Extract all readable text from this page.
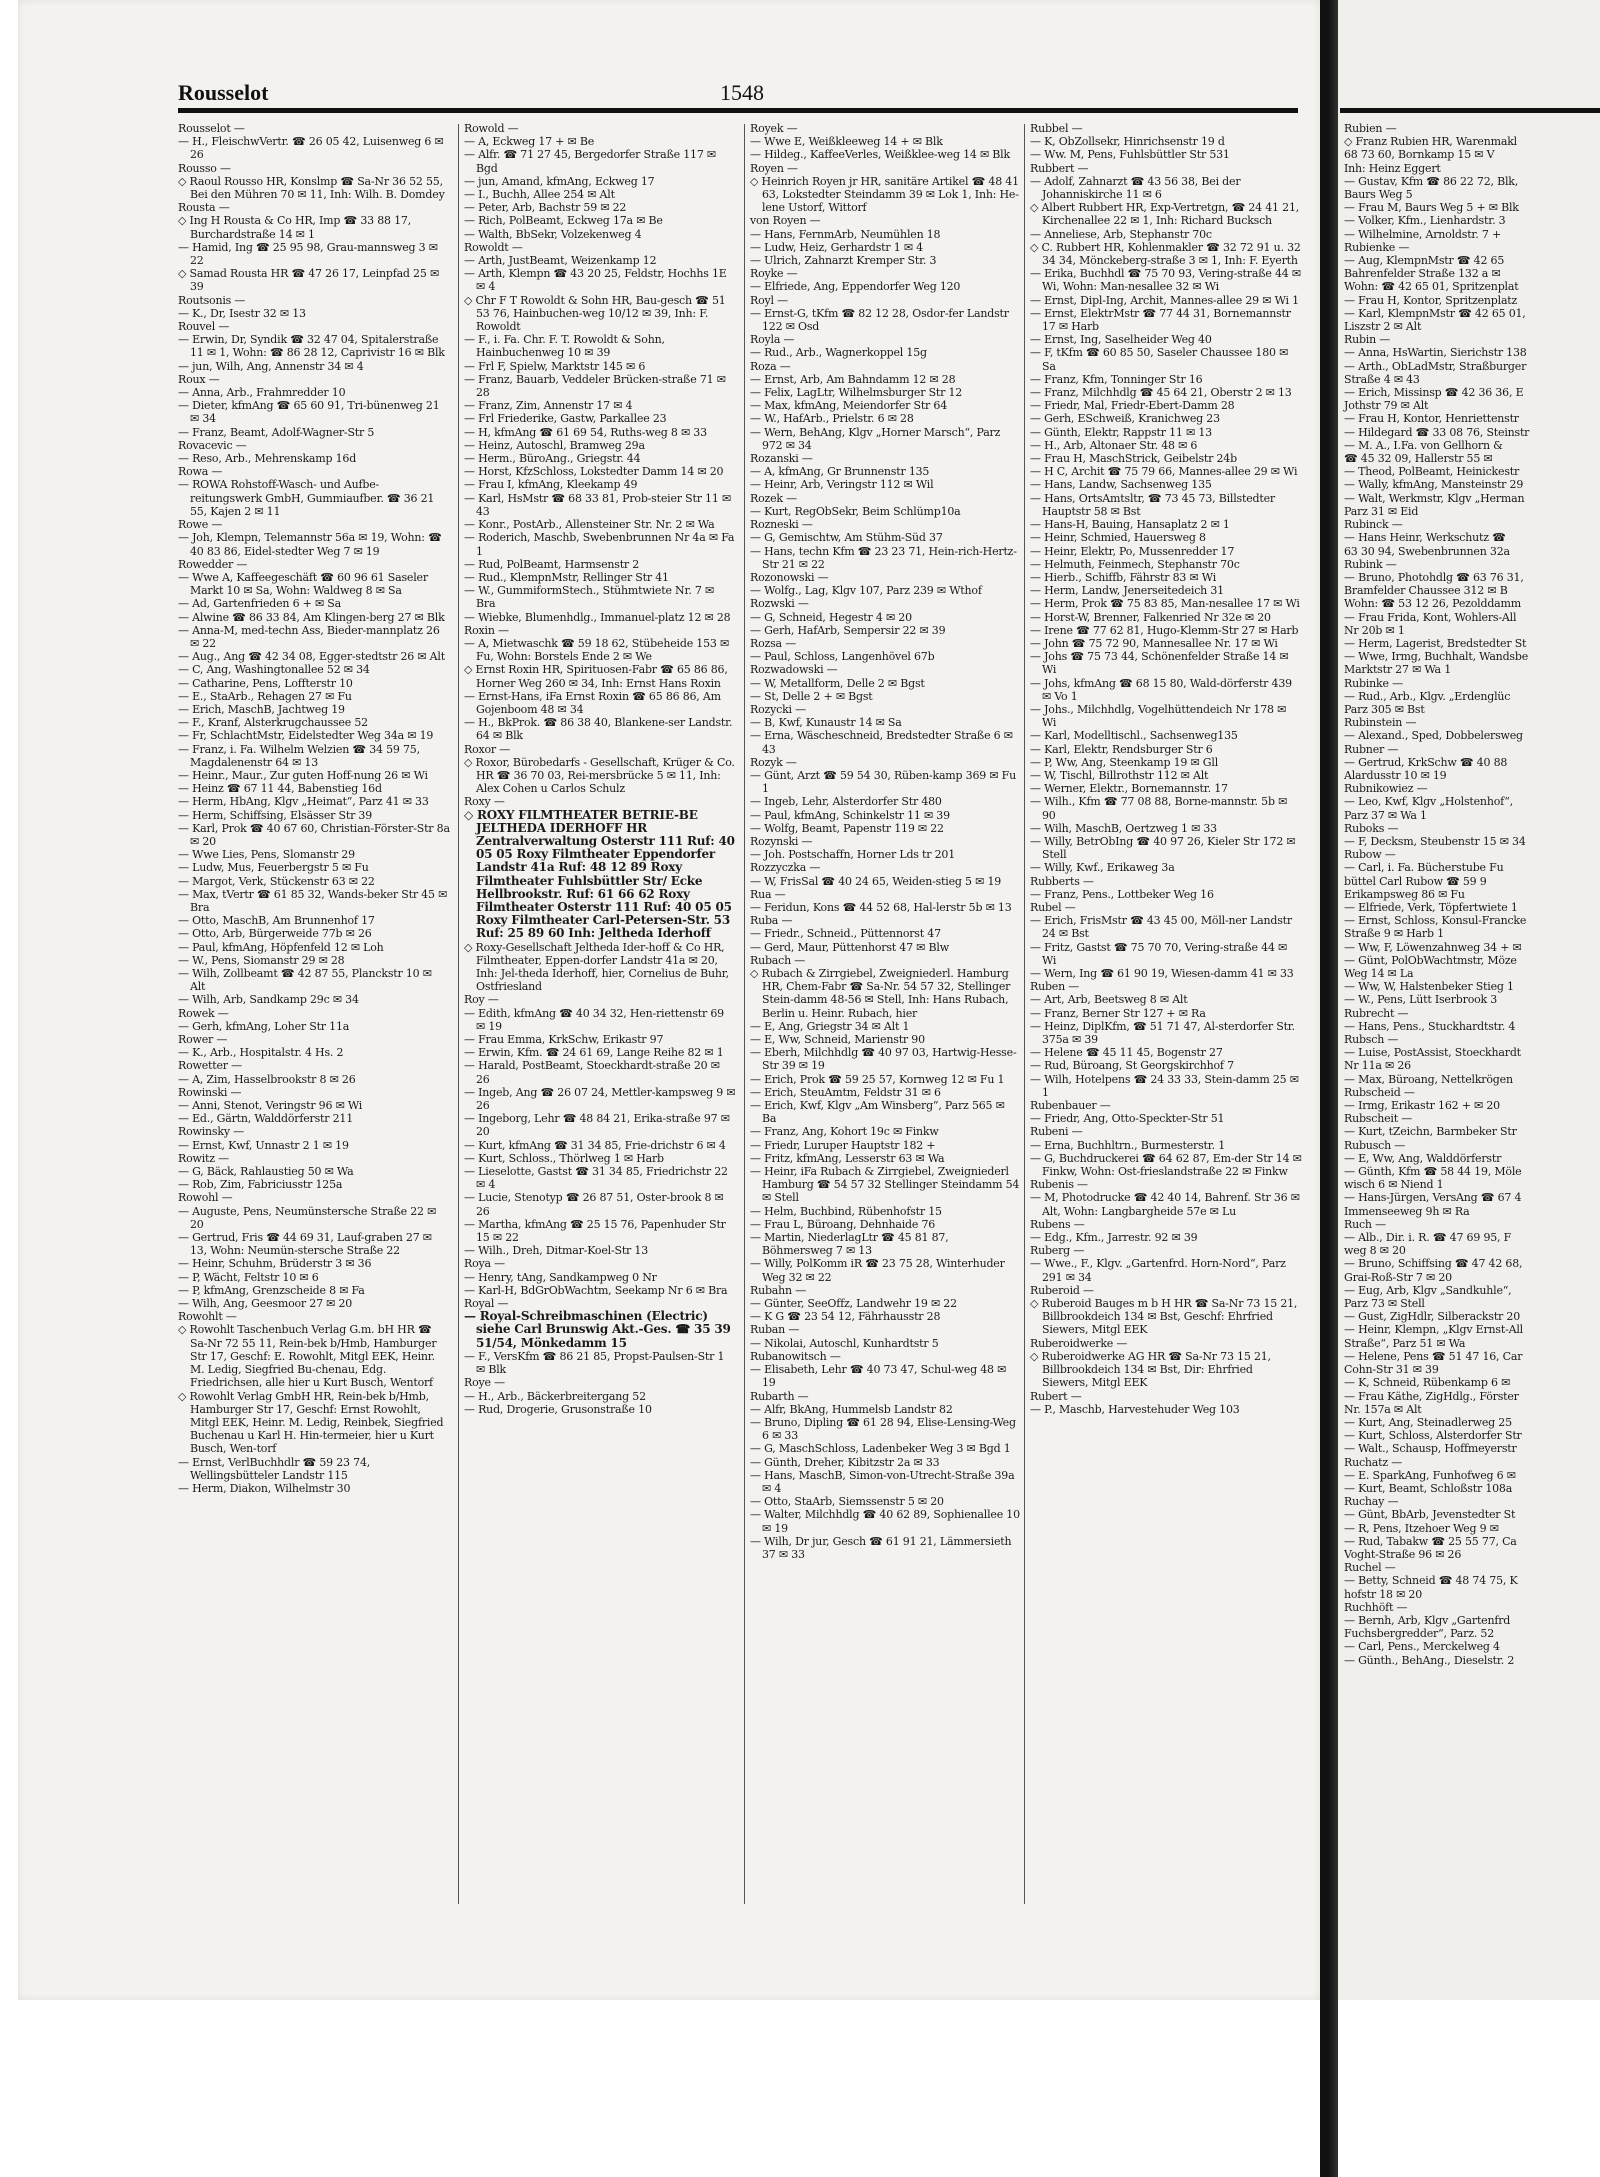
Rousselot	1548
Rousselot —
— H., FleischwVertr. ☎ 26 05 42, Luisenweg 6 ✉ 26
Rousso —
◇ Raoul Rousso HR, Konslmp ☎ Sa-Nr 36 52 55, Bei den Mühren 70 ✉ 11, Inh: Wilh. B. Domdey
Rousta —
◇ Ing H Rousta & Co HR, Imp ☎ 33 88 17, Burchardstraße 14 ✉ 1
— Hamid, Ing ☎ 25 95 98, Grau-mannsweg 3 ✉ 22
◇ Samad Rousta HR ☎ 47 26 17, Leinpfad 25 ✉ 39
Routsonis —
— K., Dr, Isestr 32 ✉ 13
Rouvel —
— Erwin, Dr, Syndik ☎ 32 47 04, Spitalerstraße 11 ✉ 1, Wohn: ☎ 86 28 12, Caprivistr 16 ✉ Blk
— jun, Wilh, Ang, Annenstr 34 ✉ 4
Roux —
— Anna, Arb., Frahmredder 10
— Dieter, kfmAng ☎ 65 60 91, Tri-bünenweg 21 ✉ 34
— Franz, Beamt, Adolf-Wagner-Str 5
Rovacevic —
— Reso, Arb., Mehrenskamp 16d
Rowa —
— ROWA Rohstoff-Wasch- und Aufbe-reitungswerk GmbH, Gummiaufber. ☎ 36 21 55, Kajen 2 ✉ 11
Rowe —
— Joh, Klempn, Telemannstr 56a ✉ 19, Wohn: ☎ 40 83 86, Eidel-stedter Weg 7 ✉ 19
Rowedder —
— Wwe A, Kaffeegeschäft ☎ 60 96 61 Saseler Markt 10 ✉ Sa, Wohn: Waldweg 8 ✉ Sa
— Ad, Gartenfrieden 6 + ✉ Sa
— Alwine ☎ 86 33 84, Am Klingen-berg 27 ✉ Blk
— Anna-M, med-techn Ass, Bieder-mannplatz 26 ✉ 22
— Aug., Ang ☎ 42 34 08, Egger-stedtstr 26 ✉ Alt
— C, Ang, Washingtonallee 52 ✉ 34
— Catharine, Pens, Loffterstr 10
— E., StaArb., Rehagen 27 ✉ Fu
— Erich, MaschB, Jachtweg 19
— F., Kranf, Alsterkrugchaussee 52
— Fr, SchlachtMstr, Eidelstedter Weg 34a ✉ 19
— Franz, i. Fa. Wilhelm Welzien ☎ 34 59 75, Magdalenenstr 64 ✉ 13
— Heinr., Maur., Zur guten Hoff-nung 26 ✉ Wi
— Heinz ☎ 67 11 44, Babenstieg 16d
— Herm, HbAng, Klgv „Heimat“, Parz 41 ✉ 33
— Herm, Schiffsing, Elsässer Str 39
— Karl, Prok ☎ 40 67 60, Christian-Förster-Str 8a ✉ 20
— Wwe Lies, Pens, Slomanstr 29
— Ludw, Mus, Feuerbergstr 5 ✉ Fu
— Margot, Verk, Stückenstr 63 ✉ 22
— Max, tVertr ☎ 61 85 32, Wands-beker Str 45 ✉ Bra
— Otto, MaschB, Am Brunnenhof 17
— Otto, Arb, Bürgerweide 77b ✉ 26
— Paul, kfmAng, Höpfenfeld 12 ✉ Loh
— W., Pens, Siomanstr 29 ✉ 28
— Wilh, Zollbeamt ☎ 42 87 55, Planckstr 10 ✉ Alt
— Wilh, Arb, Sandkamp 29c ✉ 34
Rowek —
— Gerh, kfmAng, Loher Str 11a
Rower —
— K., Arb., Hospitalstr. 4 Hs. 2
Rowetter —
— A, Zim, Hasselbrookstr 8 ✉ 26
Rowinski —
— Anni, Stenot, Veringstr 96 ✉ Wi
— Ed., Gärtn, Walddörferstr 211
Rowinsky —
— Ernst, Kwf, Unnastr 2 1 ✉ 19
Rowitz —
— G, Bäck, Rahlaustieg 50 ✉ Wa
— Rob, Zim, Fabriciusstr 125a
Rowohl —
— Auguste, Pens, Neumünstersche Straße 22 ✉ 20
— Gertrud, Fris ☎ 44 69 31, Lauf-graben 27 ✉ 13, Wohn: Neumün-stersche Straße 22
— Heinr, Schuhm, Brüderstr 3 ✉ 36
— P, Wächt, Feltstr 10 ✉ 6
— P, kfmAng, Grenzscheide 8 ✉ Fa
— Wilh, Ang, Geesmoor 27 ✉ 20
Rowohlt —
◇ Rowohlt Taschenbuch Verlag G.m. bH HR ☎ Sa-Nr 72 55 11, Rein-bek b/Hmb, Hamburger Str 17, Geschf: E. Rowohlt, Mitgl EEK, Heinr. M. Ledig, Siegfried Bu-chenau, Edg. Friedrichsen, alle hier u Kurt Busch, Wentorf
◇ Rowohlt Verlag GmbH HR, Rein-bek b/Hmb, Hamburger Str 17, Geschf: Ernst Rowohlt, Mitgl EEK, Heinr. M. Ledig, Reinbek, Siegfried Buchenau u Karl H. Hin-termeier, hier u Kurt Busch, Wen-torf
— Ernst, VerlBuchhdlr ☎ 59 23 74, Wellingsbütteler Landstr 115
— Herm, Diakon, Wilhelmstr 30
Rowold —
— A, Eckweg 17 + ✉ Be
— Alfr. ☎ 71 27 45, Bergedorfer Straße 117 ✉ Bgd
— jun, Amand, kfmAng, Eckweg 17
— I., Buchh, Allee 254 ✉ Alt
— Peter, Arb, Bachstr 59 ✉ 22
— Rich, PolBeamt, Eckweg 17a ✉ Be
— Walth, BbSekr, Volzekenweg 4
Rowoldt —
— Arth, JustBeamt, Weizenkamp 12
— Arth, Klempn ☎ 43 20 25, Feldstr, Hochhs 1E ✉ 4
◇ Chr F T Rowoldt & Sohn HR, Bau-gesch ☎ 51 53 76, Hainbuchen-weg 10/12 ✉ 39, Inh: F. Rowoldt
— F., i. Fa. Chr. F. T. Rowoldt & Sohn, Hainbuchenweg 10 ✉ 39
— Frl F, Spielw, Marktstr 145 ✉ 6
— Franz, Bauarb, Veddeler Brücken-straße 71 ✉ 28
— Franz, Zim, Annenstr 17 ✉ 4
— Frl Friederike, Gastw, Parkallee 23
— H, kfmAng ☎ 61 69 54, Ruths-weg 8 ✉ 33
— Heinz, Autoschl, Bramweg 29a
— Herm., BüroAng., Griegstr. 44
— Horst, KfzSchloss, Lokstedter Damm 14 ✉ 20
— Frau I, kfmAng, Kleekamp 49
— Karl, HsMstr ☎ 68 33 81, Prob-steier Str 11 ✉ 43
— Konr., PostArb., Allensteiner Str. Nr. 2 ✉ Wa
— Roderich, Maschb, Swebenbrunnen Nr 4a ✉ Fa 1
— Rud, PolBeamt, Harmsenstr 2
— Rud., KlempnMstr, Rellinger Str 41
— W., GummiformStech., Stühmtwiete Nr. 7 ✉ Bra
— Wiebke, Blumenhdlg., Immanuel-platz 12 ✉ 28
Roxin —
— A, Mietwaschk ☎ 59 18 62, Stübeheide 153 ✉ Fu, Wohn: Borstels Ende 2 ✉ We
◇ Ernst Roxin HR, Spirituosen-Fabr ☎ 65 86 86, Horner Weg 260 ✉ 34, Inh: Ernst Hans Roxin
— Ernst-Hans, iFa Ernst Roxin ☎ 65 86 86, Am Gojenboom 48 ✉ 34
— H., BkProk. ☎ 86 38 40, Blankene-ser Landstr. 64 ✉ Blk
Roxor —
◇ Roxor, Bürobedarfs - Gesellschaft, Krüger & Co. HR ☎ 36 70 03, Rei-mersbrücke 5 ✉ 11, Inh: Alex Cohen u Carlos Schulz
Roxy —
◇ ROXY FILMTHEATER BETRIE-BE JELTHEDA IDERHOFF HR Zentralverwaltung Osterstr 111 Ruf: 40 05 05 Roxy Filmtheater Eppendorfer Landstr 41a Ruf: 48 12 89 Roxy Filmtheater Fuhlsbüttler Str/ Ecke Hellbrookstr. Ruf: 61 66 62 Roxy Filmtheater Osterstr 111 Ruf: 40 05 05 Roxy Filmtheater Carl-Petersen-Str. 53 Ruf: 25 89 60 Inh: Jeltheda Iderhoff
◇ Roxy-Gesellschaft Jeltheda Ider-hoff & Co HR, Filmtheater, Eppen-dorfer Landstr 41a ✉ 20, Inh: Jel-theda Iderhoff, hier, Cornelius de Buhr, Ostfriesland
Roy —
— Edith, kfmAng ☎ 40 34 32, Hen-riettenstr 69 ✉ 19
— Frau Emma, KrkSchw, Erikastr 97
— Erwin, Kfm. ☎ 24 61 69, Lange Reihe 82 ✉ 1
— Harald, PostBeamt, Stoeckhardt-straße 20 ✉ 26
— Ingeb, Ang ☎ 26 07 24, Mettler-kampsweg 9 ✉ 26
— Ingeborg, Lehr ☎ 48 84 21, Erika-straße 97 ✉ 20
— Kurt, kfmAng ☎ 31 34 85, Frie-drichstr 6 ✉ 4
— Kurt, Schloss., Thörlweg 1 ✉ Harb
— Lieselotte, Gastst ☎ 31 34 85, Friedrichstr 22 ✉ 4
— Lucie, Stenotyp ☎ 26 87 51, Oster-brook 8 ✉ 26
— Martha, kfmAng ☎ 25 15 76, Papenhuder Str 15 ✉ 22
— Wilh., Dreh, Ditmar-Koel-Str 13
Roya —
— Henry, tAng, Sandkampweg 0 Nr
— Karl-H, BdGrObWachtm, Seekamp Nr 6 ✉ Bra
Royal —
— Royal-Schreibmaschinen (Electric) siehe Carl Brunswig Akt.-Ges. ☎ 35 39 51/54, Mönkedamm 15
— F., VersKfm ☎ 86 21 85, Propst-Paulsen-Str 1 ✉ Blk
Roye —
— H., Arb., Bäckerbreitergang 52
— Rud, Drogerie, Grusonstraße 10
Royek —
— Wwe E, Weißkleeweg 14 + ✉ Blk
— Hildeg., KaffeeVerles, Weißklee-weg 14 ✉ Blk
Royen —
◇ Heinrich Royen jr HR, sanitäre Artikel ☎ 48 41 63, Lokstedter Steindamm 39 ✉ Lok 1, Inh: He-lene Ustorf, Wittorf
von Royen —
— Hans, FernmArb, Neumühlen 18
— Ludw, Heiz, Gerhardstr 1 ✉ 4
— Ulrich, Zahnarzt Kremper Str. 3
Royke —
— Elfriede, Ang, Eppendorfer Weg 120
Royl —
— Ernst-G, tKfm ☎ 82 12 28, Osdor-fer Landstr 122 ✉ Osd
Royla —
— Rud., Arb., Wagnerkoppel 15g
Roza —
— Ernst, Arb, Am Bahndamm 12 ✉ 28
— Felix, LagLtr, Wilhelmsburger Str 12
— Max, kfmAng, Meiendorfer Str 64
— W., HafArb., Prielstr. 6 ✉ 28
— Wern, BehAng, Klgv „Horner Marsch“, Parz 972 ✉ 34
Rozanski —
— A, kfmAng, Gr Brunnenstr 135
— Heinr, Arb, Veringstr 112 ✉ Wil
Rozek —
— Kurt, RegObSekr, Beim Schlümp10a
Rozneski —
— G, Gemischtw, Am Stühm-Süd 37
— Hans, techn Kfm ☎ 23 23 71, Hein-rich-Hertz-Str 21 ✉ 22
Rozonowski —
— Wolfg., Lag, Klgv 107, Parz 239 ✉ Wthof
Rozwski —
— G, Schneid, Hegestr 4 ✉ 20
— Gerh, HafArb, Sempersir 22 ✉ 39
Rozsa —
— Paul, Schloss, Langenhövel 67b
Rozwadowski —
— W, Metallform, Delle 2 ✉ Bgst
— St, Delle 2 + ✉ Bgst
Rozycki —
— B, Kwf, Kunaustr 14 ✉ Sa
— Erna, Wäscheschneid, Bredstedter Straße 6 ✉ 43
Rozyk —
— Günt, Arzt ☎ 59 54 30, Rüben-kamp 369 ✉ Fu 1
— Ingeb, Lehr, Alsterdorfer Str 480
— Paul, kfmAng, Schinkelstr 11 ✉ 39
— Wolfg, Beamt, Papenstr 119 ✉ 22
Rozynski —
— Joh. Postschaffn, Horner Lds tr 201
Rozzyczka —
— W, FrisSal ☎ 40 24 65, Weiden-stieg 5 ✉ 19
Rua —
— Feridun, Kons ☎ 44 52 68, Hal-lerstr 5b ✉ 13
Ruba —
— Friedr., Schneid., Püttennorst 47
— Gerd, Maur, Püttenhorst 47 ✉ Blw
Rubach —
◇ Rubach & Zirrgiebel, Zweigniederl. Hamburg HR, Chem-Fabr ☎ Sa-Nr. 54 57 32, Stellinger Stein-damm 48-56 ✉ Stell, Inh: Hans Rubach, Berlin u. Heinr. Rubach, hier
— E, Ang, Griegstr 34 ✉ Alt 1
— E, Ww, Schneid, Marienstr 90
— Eberh, Milchhdlg ☎ 40 97 03, Hartwig-Hesse-Str 39 ✉ 19
— Erich, Prok ☎ 59 25 57, Kornweg 12 ✉ Fu 1
— Erich, SteuAmtm, Feldstr 31 ✉ 6
— Erich, Kwf, Klgv „Am Winsberg“, Parz 565 ✉ Ba
— Franz, Ang, Kohort 19c ✉ Finkw
— Friedr, Luruper Hauptstr 182 +
— Fritz, kfmAng, Lesserstr 63 ✉ Wa
— Heinr, iFa Rubach & Zirrgiebel, Zweigniederl Hamburg ☎ 54 57 32 Stellinger Steindamm 54 ✉ Stell
— Helm, Buchbind, Rübenhofstr 15
— Frau L, Büroang, Dehnhaide 76
— Martin, NiederlagLtr ☎ 45 81 87, Böhmersweg 7 ✉ 13
— Willy, PolKomm iR ☎ 23 75 28, Winterhuder Weg 32 ✉ 22
Rubahn —
— Günter, SeeOffz, Landwehr 19 ✉ 22
— K G ☎ 23 54 12, Fährhausstr 28
Ruban —
— Nikolai, Autoschl, Kunhardtstr 5
Rubanowitsch —
— Elisabeth, Lehr ☎ 40 73 47, Schul-weg 48 ✉ 19
Rubarth —
— Alfr, BkAng, Hummelsb Landstr 82
— Bruno, Dipling ☎ 61 28 94, Elise-Lensing-Weg 6 ✉ 33
— G, MaschSchloss, Ladenbeker Weg 3 ✉ Bgd 1
— Günth, Dreher, Kibitzstr 2a ✉ 33
— Hans, MaschB, Simon-von-Utrecht-Straße 39a ✉ 4
— Otto, StaArb, Siemssenstr 5 ✉ 20
— Walter, Milchhdlg ☎ 40 62 89, Sophienallee 10 ✉ 19
— Wilh, Dr jur, Gesch ☎ 61 91 21, Lämmersieth 37 ✉ 33
Rubbel —
— K, ObZollsekr, Hinrichsenstr 19 d
— Ww. M, Pens, Fuhlsbüttler Str 531
Rubbert —
— Adolf, Zahnarzt ☎ 43 56 38, Bei der Johanniskirche 11 ✉ 6
◇ Albert Rubbert HR, Exp-Vertretgn, ☎ 24 41 21, Kirchenallee 22 ✉ 1, Inh: Richard Bucksch
— Anneliese, Arb, Stephanstr 70c
◇ C. Rubbert HR, Kohlenmakler ☎ 32 72 91 u. 32 34 34, Mönckeberg-straße 3 ✉ 1, Inh: F. Eyerth
— Erika, Buchhdl ☎ 75 70 93, Vering-straße 44 ✉ Wi, Wohn: Man-nesallee 32 ✉ Wi
— Ernst, Dipl-Ing, Archit, Mannes-allee 29 ✉ Wi 1
— Ernst, ElektrMstr ☎ 77 44 31, Bornemannstr 17 ✉ Harb
— Ernst, Ing, Saselheider Weg 40
— F, tKfm ☎ 60 85 50, Saseler Chaussee 180 ✉ Sa
— Franz, Kfm, Tonninger Str 16
— Franz, Milchhdlg ☎ 45 64 21, Oberstr 2 ✉ 13
— Friedr, Mal, Friedr-Ebert-Damm 28
— Gerh, ESchweiß, Kranichweg 23
— Günth, Elektr, Rappstr 11 ✉ 13
— H., Arb, Altonaer Str. 48 ✉ 6
— Frau H, MaschStrick, Geibelstr 24b
— H C, Archit ☎ 75 79 66, Mannes-allee 29 ✉ Wi
— Hans, Landw, Sachsenweg 135
— Hans, OrtsAmtsltr, ☎ 73 45 73, Billstedter Hauptstr 58 ✉ Bst
— Hans-H, Bauing, Hansaplatz 2 ✉ 1
— Heinr, Schmied, Hauersweg 8
— Heinr, Elektr, Po, Mussenredder 17
— Helmuth, Feinmech, Stephanstr 70c
— Hierb., Schiffb, Fährstr 83 ✉ Wi
— Herm, Landw, Jenerseitedeich 31
— Herm, Prok ☎ 75 83 85, Man-nesallee 17 ✉ Wi
— Horst-W, Brenner, Falkenried Nr 32e ✉ 20
— Irene ☎ 77 62 81, Hugo-Klemm-Str 27 ✉ Harb
— John ☎ 75 72 90, Mannesallee Nr. 17 ✉ Wi
— Johs ☎ 75 73 44, Schönenfelder Straße 14 ✉ Wi
— Johs, kfmAng ☎ 68 15 80, Wald-dörferstr 439 ✉ Vo 1
— Johs., Milchhdlg, Vogelhüttendeich Nr 178 ✉ Wi
— Karl, Modelltischl., Sachsenweg135
— Karl, Elektr, Rendsburger Str 6
— P, Ww, Ang, Steenkamp 19 ✉ Gll
— W, Tischl, Billrothstr 112 ✉ Alt
— Werner, Elektr., Bornemannstr. 17
— Wilh., Kfm ☎ 77 08 88, Borne-mannstr. 5b ✉ 90
— Wilh, MaschB, Oertzweg 1 ✉ 33
— Willy, BetrObIng ☎ 40 97 26, Kieler Str 172 ✉ Stell
— Willy, Kwf., Erikaweg 3a
Rubberts —
— Franz, Pens., Lottbeker Weg 16
Rubel —
— Erich, FrisMstr ☎ 43 45 00, Möll-ner Landstr 24 ✉ Bst
— Fritz, Gastst ☎ 75 70 70, Vering-straße 44 ✉ Wi
— Wern, Ing ☎ 61 90 19, Wiesen-damm 41 ✉ 33
Ruben —
— Art, Arb, Beetsweg 8 ✉ Alt
— Franz, Berner Str 127 + ✉ Ra
— Heinz, DiplKfm, ☎ 51 71 47, Al-sterdorfer Str. 375a ✉ 39
— Helene ☎ 45 11 45, Bogenstr 27
— Rud, Büroang, St Georgskirchhof 7
— Wilh, Hotelpens ☎ 24 33 33, Stein-damm 25 ✉ 1
Rubenbauer —
— Friedr, Ang, Otto-Speckter-Str 51
Rubeni —
— Erna, Buchhltrn., Burmesterstr. 1
— G, Buchdruckerei ☎ 64 62 87, Em-der Str 14 ✉ Finkw, Wohn: Ost-frieslandstraße 22 ✉ Finkw
Rubenis —
— M, Photodrucke ☎ 42 40 14, Bahrenf. Str 36 ✉ Alt, Wohn: Langbargheide 57e ✉ Lu
Rubens —
— Edg., Kfm., Jarrestr. 92 ✉ 39
Ruberg —
— Wwe., F., Klgv. „Gartenfrd. Horn-Nord“, Parz 291 ✉ 34
Ruberoid —
◇ Ruberoid Bauges m b H HR ☎ Sa-Nr 73 15 21, Billbrookdeich 134 ✉ Bst, Geschf: Ehrfried Siewers, Mitgl EEK
Ruberoidwerke —
◇ Ruberoidwerke AG HR ☎ Sa-Nr 73 15 21, Billbrookdeich 134 ✉ Bst, Dir: Ehrfried Siewers, Mitgl EEK
Rubert —
— P., Maschb, Harvestehuder Weg 103
Rubien —
◇ Franz Rubien HR, Warenmakl
68 73 60, Bornkamp 15 ✉ V
Inh: Heinz Eggert
— Gustav, Kfm ☎ 86 22 72, Blk,
Baurs Weg 5
— Frau M, Baurs Weg 5 + ✉ Blk
— Volker, Kfm., Lienhardstr. 3
— Wilhelmine, Arnoldstr. 7 +
Rubienke —
— Aug, KlempnMstr ☎ 42 65
Bahrenfelder Straße 132 a ✉
Wohn: ☎ 42 65 01, Spritzenplat
— Frau H, Kontor, Spritzenplatz
— Karl, KlempnMstr ☎ 42 65 01,
Liszstr 2 ✉ Alt
Rubin —
— Anna, HsWartin, Sierichstr 138
— Arth., ObLadMstr, Straßburger
Straße 4 ✉ 43
— Erich, Missinsp ☎ 42 36 36, E
Jothstr 79 ✉ Alt
— Frau H, Kontor, Henriettenstr
— Hildegard ☎ 33 08 76, Steinstr
— M. A., I.Fa. von Gellhorn &
☎ 45 32 09, Hallerstr 55 ✉
— Theod, PolBeamt, Heinickestr
— Wally, kfmAng, Mansteinstr 29
— Walt, Werkmstr, Klgv „Herman
Parz 31 ✉ Eid
Rubinck —
— Hans Heinr, Werkschutz ☎
63 30 94, Swebenbrunnen 32a
Rubink —
— Bruno, Photohdlg ☎ 63 76 31,
Bramfelder Chaussee 312 ✉ B
Wohn: ☎ 53 12 26, Pezolddamm
— Frau Frida, Kont, Wohlers-All
Nr 20b ✉ 1
— Herm, Lagerist, Bredstedter St
— Wwe, Irmg, Buchhalt, Wandsbe
Marktstr 27 ✉ Wa 1
Rubinke —
— Rud., Arb., Klgv. „Erdenglüc
Parz 305 ✉ Bst
Rubinstein —
— Alexand., Sped, Dobbelersweg
Rubner —
— Gertrud, KrkSchw ☎ 40 88
Alardusstr 10 ✉ 19
Rubnikowiez —
— Leo, Kwf, Klgv „Holstenhof“,
Parz 37 ✉ Wa 1
Ruboks —
— F, Decksm, Steubenstr 15 ✉ 34
Rubow —
— Carl, i. Fa. Bücherstube Fu
büttel Carl Rubow ☎ 59 9
Erikampsweg 86 ✉ Fu
— Elfriede, Verk, Töpfertwiete 1
— Ernst, Schloss, Konsul-Francke
Straße 9 ✉ Harb 1
— Ww, F, Löwenzahnweg 34 + ✉
— Günt, PolObWachtmstr, Möze
Weg 14 ✉ La
— Ww, W, Halstenbeker Stieg 1
— W., Pens, Lütt Iserbrook 3
Rubrecht —
— Hans, Pens., Stuckhardtstr. 4
Rubsch —
— Luise, PostAssist, Stoeckhardt
Nr 11a ✉ 26
— Max, Büroang, Nettelkrögen
Rubscheid —
— Irmg, Erikastr 162 + ✉ 20
Rubscheit —
— Kurt, tZeichn, Barmbeker Str
Rubusch —
— E, Ww, Ang, Walddörferstr
— Günth, Kfm ☎ 58 44 19, Möle
wisch 6 ✉ Niend 1
— Hans-Jürgen, VersAng ☎ 67 4
Immenseeweg 9h ✉ Ra
Ruch —
— Alb., Dir. i. R. ☎ 47 69 95, F
weg 8 ✉ 20
— Bruno, Schiffsing ☎ 47 42 68,
Grai-Roß-Str 7 ✉ 20
— Eug, Arb, Klgv „Sandkuhle“,
Parz 73 ✉ Stell
— Gust, ZigHdlr, Silberackstr 20
— Heinr, Klempn, „Klgv Ernst-All
Straße“, Parz 51 ✉ Wa
— Helene, Pens ☎ 51 47 16, Car
Cohn-Str 31 ✉ 39
— K, Schneid, Rübenkamp 6 ✉
— Frau Käthe, ZigHdlg., Förster
Nr. 157a ✉ Alt
— Kurt, Ang, Steinadlerweg 25
— Kurt, Schloss, Alsterdorfer Str
— Walt., Schausp, Hoffmeyerstr
Ruchatz —
— E. SparkAng, Funhofweg 6 ✉
— Kurt, Beamt, Schloßstr 108a
Ruchay —
— Günt, BbArb, Jevenstedter St
— R, Pens, Itzehoer Weg 9 ✉
— Rud, Tabakw ☎ 25 55 77, Ca
Voght-Straße 96 ✉ 26
Ruchel —
— Betty, Schneid ☎ 48 74 75, K
hofstr 18 ✉ 20
Ruchhöft —
— Bernh, Arb, Klgv „Gartenfrd
Fuchsbergredder“, Parz. 52
— Carl, Pens., Merckelweg 4
— Günth., BehAng., Dieselstr. 2
